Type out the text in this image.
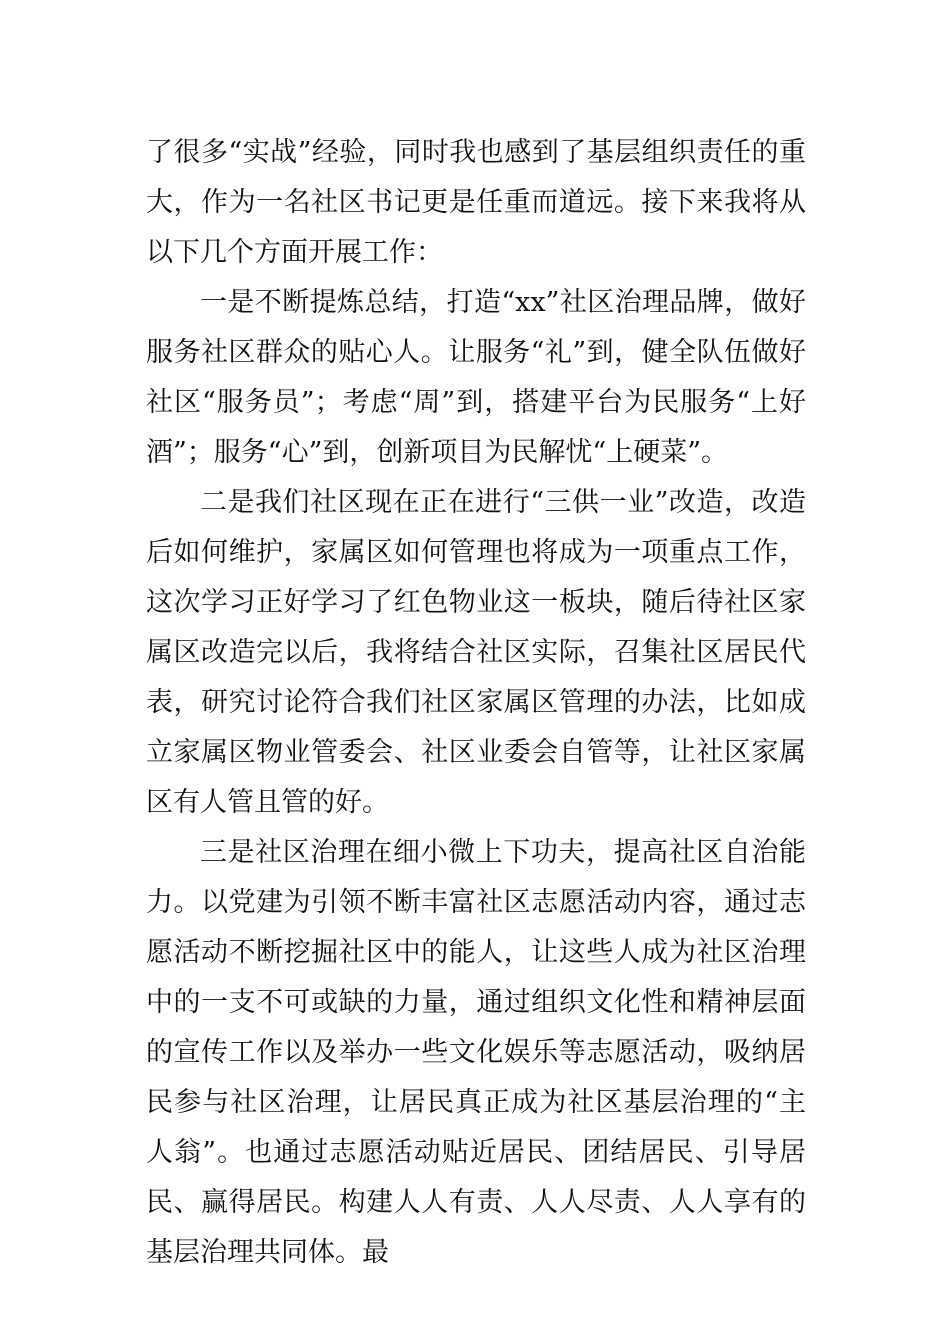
了很多“实战”经验，同时我也感到了基层组织责任的重大，作为一名社区书记更是任重而道远。接下来我将从以下几个方面开展工作：

一是不断提炼总结，打造“xx”社区治理品牌，做好服务社区群众的贴心人。让服务“礼”到，健全队伍做好社区“服务员”；考虑“周”到，搭建平台为民服务“上好酒”；服务“心”到，创新项目为民解忧“上硬菜”。

二是我们社区现在正在进行“三供一业”改造，改造后如何维护，家属区如何管理也将成为一项重点工作，这次学习正好学习了红色物业这一板块，随后待社区家属区改造完以后，我将结合社区实际，召集社区居民代表，研究讨论符合我们社区家属区管理的办法，比如成立家属区物业管委会、社区业委会自管等，让社区家属区有人管且管的好。

三是社区治理在细小微上下功夫，提高社区自治能力。以党建为引领不断丰富社区志愿活动内容，通过志愿活动不断挖掘社区中的能人，让这些人成为社区治理中的一支不可或缺的力量，通过组织文化性和精神层面的宣传工作以及举办一些文化娱乐等志愿活动，吸纳居民参与社区治理，让居民真正成为社区基层治理的“主人翁”。也通过志愿活动贴近居民、团结居民、引导居民、赢得居民。构建人人有责、人人尽责、人人享有的基层治理共同体。最
